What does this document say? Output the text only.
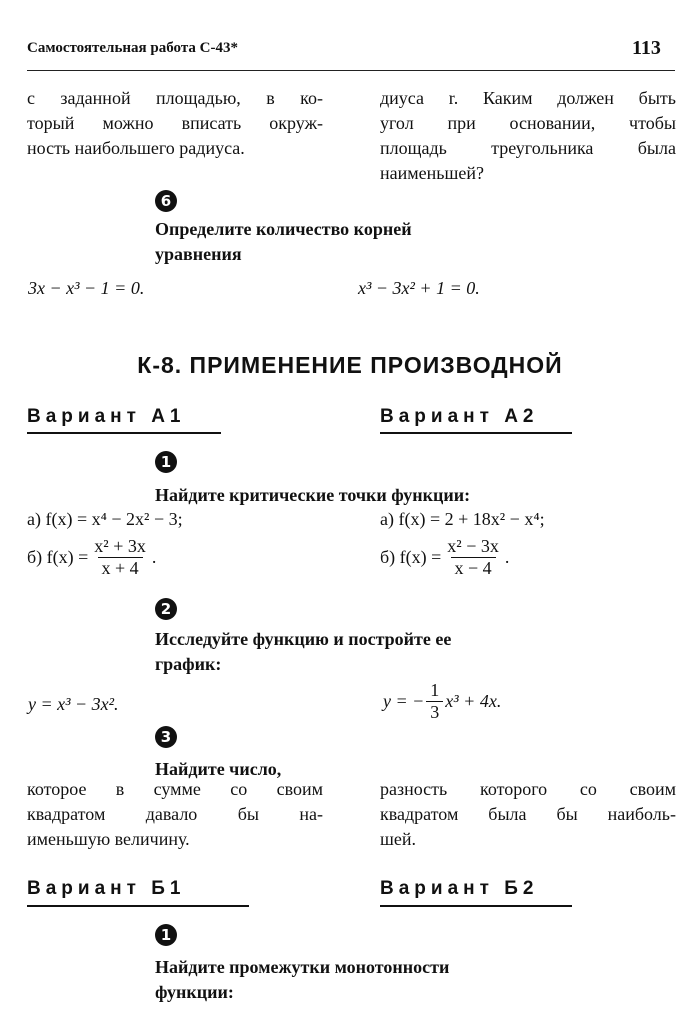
Самостоятельная работа С-43*	113
с заданной площадью, в ко-
торый можно вписать окруж-
ность наибольшего радиуса.
диуса r. Каким должен быть
угол при основании, чтобы
площадь треугольника была
наименьшей?
6
Определите количество корней
уравнения
3x − x³ − 1 = 0.	x³ − 3x² + 1 = 0.
К-8. ПРИМЕНЕНИЕ ПРОИЗВОДНОЙ
Вариант А1	Вариант А2
1
Найдите критические точки функции:
а) f(x) = x⁴ − 2x² − 3;	а) f(x) = 2 + 18x² − x⁴;
б) $f(x) = \frac{\text{x² + 3x}}{x + 4}$ .	б) $f(x) = \frac{\text{x² − 3x}}{x - 4}$ .
2
Исследуйте функцию и постройте ее
график:
y = x³ − 3x².	y = − $\frac{1}{3} x^3 + 4x$.
3
Найдите число,
которое в сумме со своим
квадратом давало бы на-
именьшую величину.
разность которого со своим
квадратом была бы наиболь-
шей.
Вариант Б1	Вариант Б2
1
Найдите промежутки монотонности
функции:
